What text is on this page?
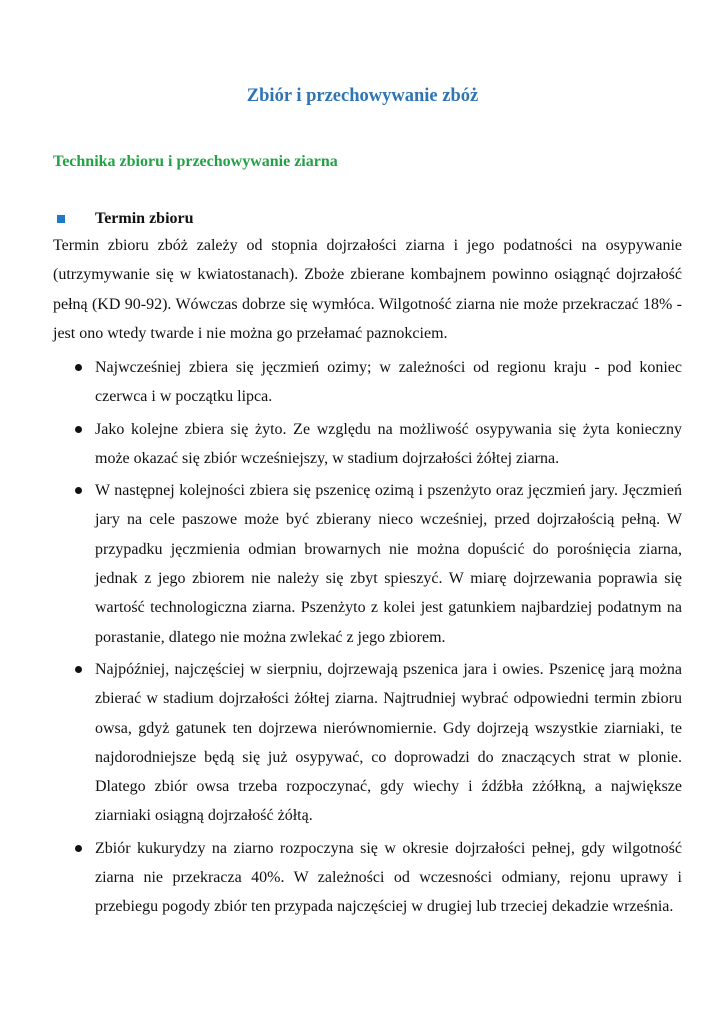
Zbiór i przechowywanie zbóż
Technika zbioru i przechowywanie ziarna
Termin zbioru

Termin zbioru zbóż zależy od stopnia dojrzałości ziarna i jego podatności na osypywanie (utrzymywanie się w kwiatostanach). Zboże zbierane kombajnem powinno osiągnąć dojrzałość pełną (KD 90-92). Wówczas dobrze się wymłóca. Wilgotność ziarna nie może przekraczać 18% - jest ono wtedy twarde i nie można go przełamać paznokciem.

Najwcześniej zbiera się jęczmień ozimy; w zależności od regionu kraju - pod koniec czerwca i w początku lipca.
Jako kolejne zbiera się żyto. Ze względu na możliwość osypywania się żyta konieczny może okazać się zbiór wcześniejszy, w stadium dojrzałości żółtej ziarna.
W następnej kolejności zbiera się pszenicę ozimą i pszenżyto oraz jęczmień jary. Jęczmień jary na cele paszowe może być zbierany nieco wcześniej, przed dojrzałością pełną. W przypadku jęczmienia odmian browarnych nie można dopuścić do porośnięcia ziarna, jednak z jego zbiorem nie należy się zbyt spieszyć. W miarę dojrzewania poprawia się wartość technologiczna ziarna. Pszenżyto z kolei jest gatunkiem najbardziej podatnym na porastanie, dlatego nie można zwlekać z jego zbiorem.
Najpóźniej, najczęściej w sierpniu, dojrzewają pszenica jara i owies. Pszenicę jarą można zbierać w stadium dojrzałości żółtej ziarna. Najtrudniej wybrać odpowiedni termin zbioru owsa, gdyż gatunek ten dojrzewa nierównomiernie. Gdy dojrzeją wszystkie ziarniaki, te najdorodniejsze będą się już osypywać, co doprowadzi do znaczących strat w plonie. Dlatego zbiór owsa trzeba rozpoczynać, gdy wiechy i źdźbła zżółkną, a największe ziarniaki osiągną dojrzałość żółtą.
Zbiór kukurydzy na ziarno rozpoczyna się w okresie dojrzałości pełnej, gdy wilgotność ziarna nie przekracza 40%. W zależności od wczesności odmiany, rejonu uprawy i przebiegu pogody zbiór ten przypada najczęściej w drugiej lub trzeciej dekadzie września.
